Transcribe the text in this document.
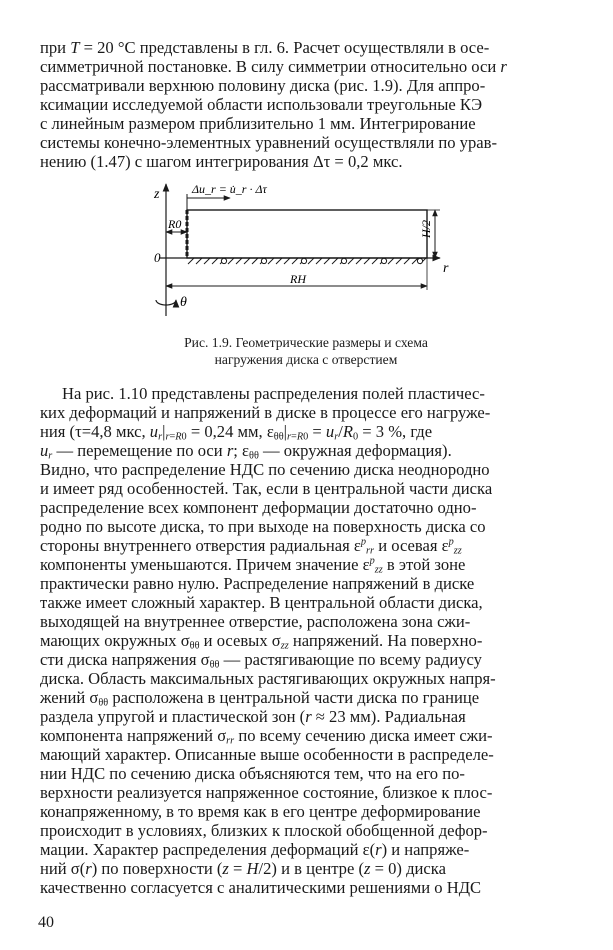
при T = 20 °С представлены в гл. 6. Расчет осуществляли в осе-
симметричной постановке. В силу симметрии относительно оси r
рассматривали верхнюю половину диска (рис. 1.9). Для аппро-
ксимации исследуемой области использовали треугольные КЭ
с линейным размером приблизительно 1 мм. Интегрирование
системы конечно-элементных уравнений осуществляли по урав-
нению (1.47) с шагом интегрирования Δτ = 0,2 мкс.
z
r
0
R0
RH
H/2
Δu_r = u̇_r · Δτ
θ
Рис. 1.9. Геометрические размеры и схема
нагружения диска с отверстием
На рис. 1.10 представлены распределения полей пластичес-
ких деформаций и напряжений в диске в процессе его нагруже-
ния (τ=4,8 мкс, $u_r|_{r=R0} = 0,24$ мм, $\varepsilon_{\theta\theta}|_{r=R0} = u_r/R_0 = 3$ %, где
$u_r$ — перемещение по оси r; $\varepsilon_{\theta\theta}$ — окружная деформация).
Видно, что распределение НДС по сечению диска неоднородно
и имеет ряд особенностей. Так, если в центральной части диска
распределение всех компонент деформации достаточно одно-
родно по высоте диска, то при выходе на поверхность диска со
стороны внутреннего отверстия радиальная $\varepsilon^p_{rr}$ и осевая $\varepsilon^p_{zz}$
компоненты уменьшаются. Причем значение $\varepsilon^p_{zz}$ в этой зоне
практически равно нулю. Распределение напряжений в диске
также имеет сложный характер. В центральной области диска,
выходящей на внутреннее отверстие, расположена зона сжи-
мающих окружных $\sigma_{\theta\theta}$ и осевых $\sigma_{zz}$ напряжений. На поверхно-
сти диска напряжения $\sigma_{\theta\theta}$ — растягивающие по всему радиусу
диска. Область максимальных растягивающих окружных напря-
жений $\sigma_{\theta\theta}$ расположена в центральной части диска по границе
раздела упругой и пластической зон (r ≈ 23 мм). Радиальная
компонента напряжений $\sigma_{rr}$ по всему сечению диска имеет сжи-
мающий характер. Описанные выше особенности в распределе-
нии НДС по сечению диска объясняются тем, что на его по-
верхности реализуется напряженное состояние, близкое к плос-
конапряженному, в то время как в его центре деформирование
происходит в условиях, близких к плоской обобщенной дефор-
мации. Характер распределения деформаций ε(r) и напряже-
ний σ(r) по поверхности (z = H/2) и в центре (z = 0) диска
качественно согласуется с аналитическими решениями о НДС
40
